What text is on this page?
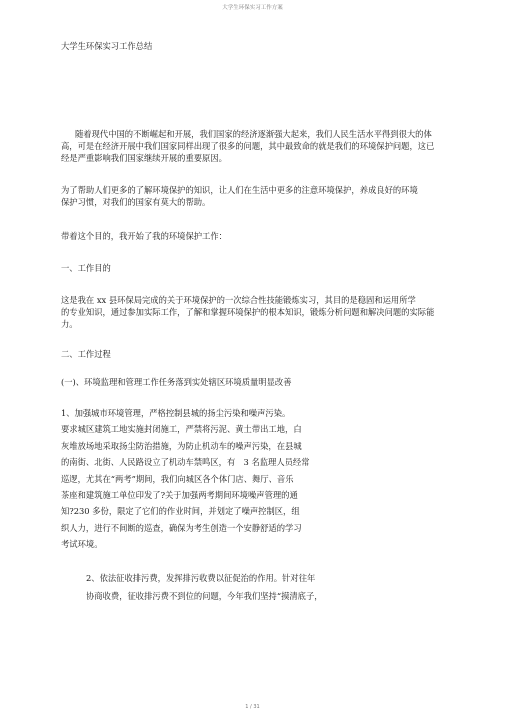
大学生环保实习工作方案

大学生环保实习工作总结

随着现代中国的不断崛起和开展，我们国家的经济逐渐强大起来，我们人民生活水平得到很大的体
高，可是在经济开展中我们国家同样出现了很多的问题，其中最致命的就是我们的环境保护问题，这已
经是严重影响我们国家继续开展的重要原因。
为了帮助人们更多的了解环境保护的知识，让人们在生活中更多的注意环境保护，养成良好的环境
保护习惯，对我们的国家有莫大的帮助。

带着这个目的，我开始了我的环境保护工作：

一、工作目的

这是我在 xx 县环保局完成的关于环境保护的一次综合性技能锻炼实习，其目的是稳固和运用所学
的专业知识，通过参加实际工作，了解和掌握环境保护的根本知识，锻炼分析问题和解决问题的实际能
力。

二、工作过程

(一)、环境监理和管理工作任务落到实处辖区环境质量明显改善

1、加强城市环境管理，严格控制县城的扬尘污染和噪声污染。
要求城区建筑工地实施封闭施工，严禁将污泥、黄土带出工地，白
灰堆放场地采取扬尘防治措施，为防止机动车的噪声污染，在县城
的南街、北街、人民路设立了机动车禁鸣区，有　3 名监理人员经常
巡逻，尤其在“两考”期间，我们向城区各个体门店、舞厅、音乐
茶座和建筑施工单位印发了?关于加强两考期间环境噪声管理的通
知?230 多份，限定了它们的作业时间，并划定了噪声控制区，组
织人力，进行不间断的巡查，确保为考生创造一个安静舒适的学习
考试环境。
2、依法征收排污费，发挥排污收费以征促治的作用。针对往年
协商收费，征收排污费不到位的问题，今年我们坚持“摸清底子，
1 / 31
